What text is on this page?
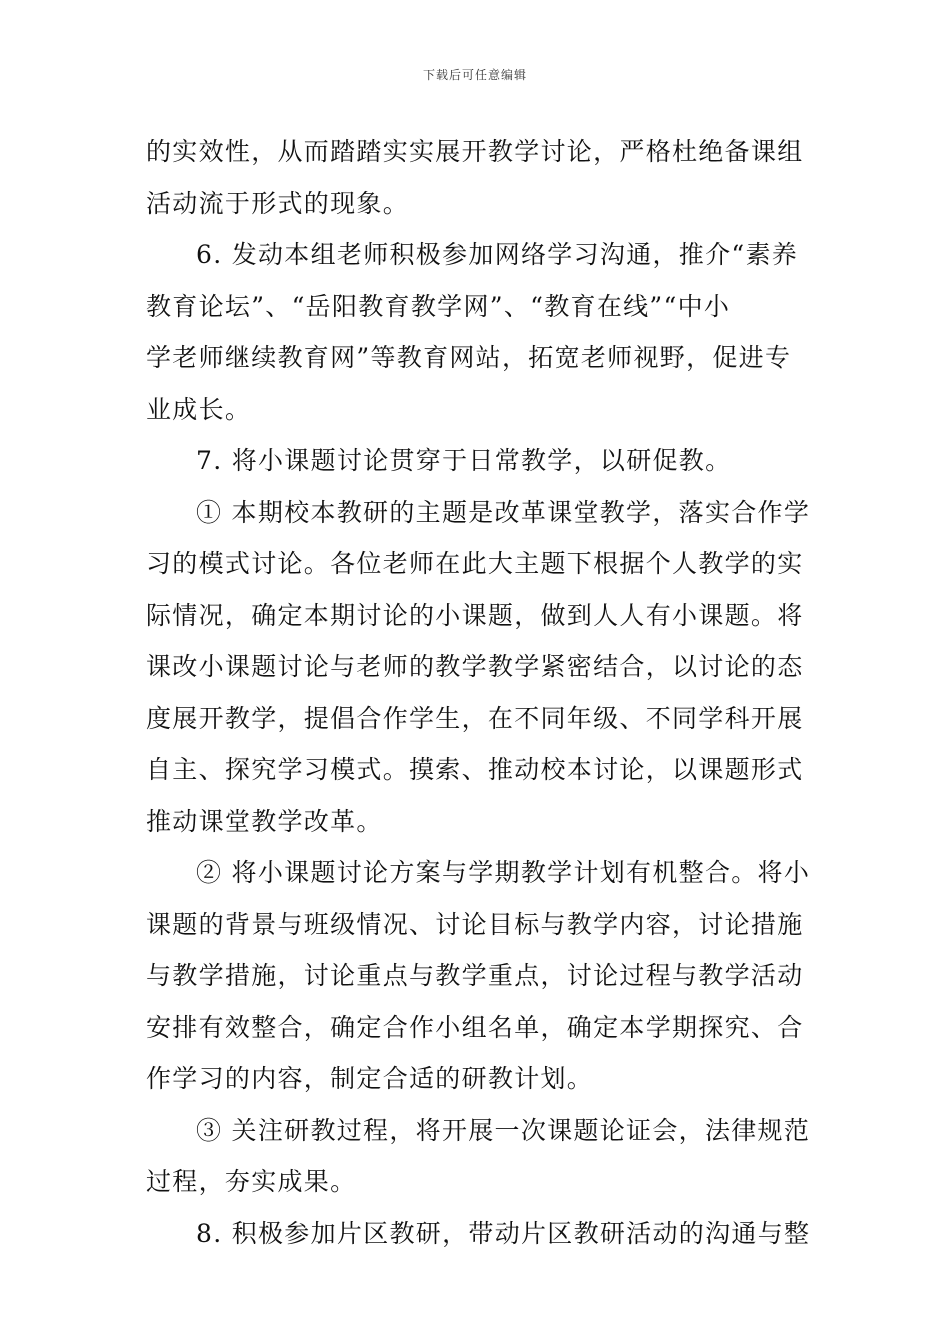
下载后可任意编辑
的实效性，从而踏踏实实展开教学讨论，严格杜绝备课组
活动流于形式的现象。
6. 发动本组老师积极参加网络学习沟通，推介“素养
教育论坛”、“岳阳教育教学网”、“教育在线”“中小
学老师继续教育网”等教育网站，拓宽老师视野，促进专
业成长。
7. 将小课题讨论贯穿于日常教学，以研促教。
① 本期校本教研的主题是改革课堂教学，落实合作学
习的模式讨论。各位老师在此大主题下根据个人教学的实
际情况，确定本期讨论的小课题，做到人人有小课题。将
课改小课题讨论与老师的教学教学紧密结合，以讨论的态
度展开教学，提倡合作学生，在不同年级、不同学科开展
自主、探究学习模式。摸索、推动校本讨论，以课题形式
推动课堂教学改革。
② 将小课题讨论方案与学期教学计划有机整合。将小
课题的背景与班级情况、讨论目标与教学内容，讨论措施
与教学措施，讨论重点与教学重点，讨论过程与教学活动
安排有效整合，确定合作小组名单，确定本学期探究、合
作学习的内容，制定合适的研教计划。
③ 关注研教过程，将开展一次课题论证会，法律规范
过程，夯实成果。
8. 积极参加片区教研，带动片区教研活动的沟通与整
